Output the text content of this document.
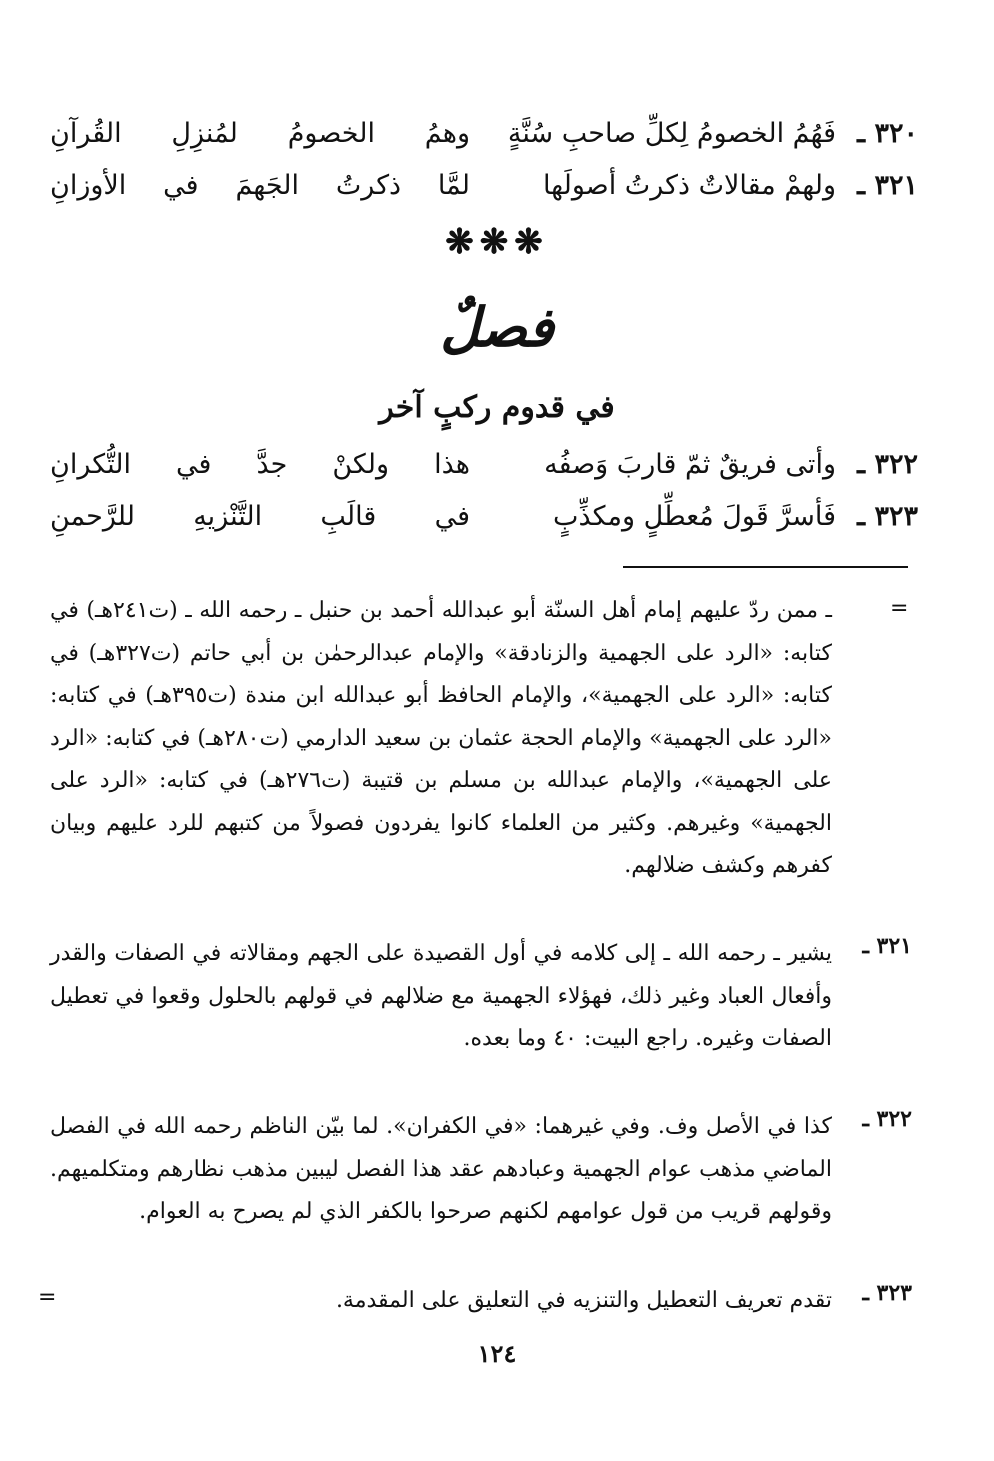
٣٢٠ ـ
فَهُمُ الخصومُ لِكلِّ صاحبِ سُنَّةٍ
وهمُ الخصومُ لمُنزِلِ القُرآنِ
٣٢١ ـ
ولهمْ مقالاتٌ ذكرتُ أصولَها
لمَّا ذكرتُ الجَهمَ في الأوزانِ
❋❋❋
فصلٌ
في قدوم ركبٍ آخر
٣٢٢ ـ
وأتى فريقٌ ثمّ قاربَ وَصفُه
هذا ولكنْ جدَّ في التُّكرانِ
٣٢٣ ـ
فَأسرَّ قَولَ مُعطِّلٍ ومكذِّبٍ
في قالَبِ التَّنْزيهِ للرَّحمنِ
=
ـ ممن ردّ عليهم إمام أهل السنّة أبو عبدالله أحمد بن حنبل ـ رحمه الله ـ (ت٢٤١هـ) في كتابه: «الرد على الجهمية والزنادقة» والإمام عبدالرحمٰن بن أبي حاتم (ت٣٢٧هـ) في كتابه: «الرد على الجهمية»، والإمام الحافظ أبو عبدالله ابن مندة (ت٣٩٥هـ) في كتابه: «الرد على الجهمية» والإمام الحجة عثمان بن سعيد الدارمي (ت٢٨٠هـ) في كتابه: «الرد على الجهمية»، والإمام عبدالله بن مسلم بن قتيبة (ت٢٧٦هـ) في كتابه: «الرد على الجهمية» وغيرهم. وكثير من العلماء كانوا يفردون فصولاً من كتبهم للرد عليهم وبيان كفرهم وكشف ضلالهم.
٣٢١ ـ
يشير ـ رحمه الله ـ إلى كلامه في أول القصيدة على الجهم ومقالاته في الصفات والقدر وأفعال العباد وغير ذلك، فهؤلاء الجهمية مع ضلالهم في قولهم بالحلول وقعوا في تعطيل الصفات وغيره. راجع البيت: ٤٠ وما بعده.
٣٢٢ ـ
كذا في الأصل وف. وفي غيرهما: «في الكفران». لما بيّن الناظم رحمه الله في الفصل الماضي مذهب عوام الجهمية وعبادهم عقد هذا الفصل ليبين مذهب نظارهم ومتكلميهم. وقولهم قريب من قول عوامهم لكنهم صرحوا بالكفر الذي لم يصرح به العوام.
٣٢٣ ـ
تقدم تعريف التعطيل والتنزيه في التعليق على المقدمة.
=
١٢٤
